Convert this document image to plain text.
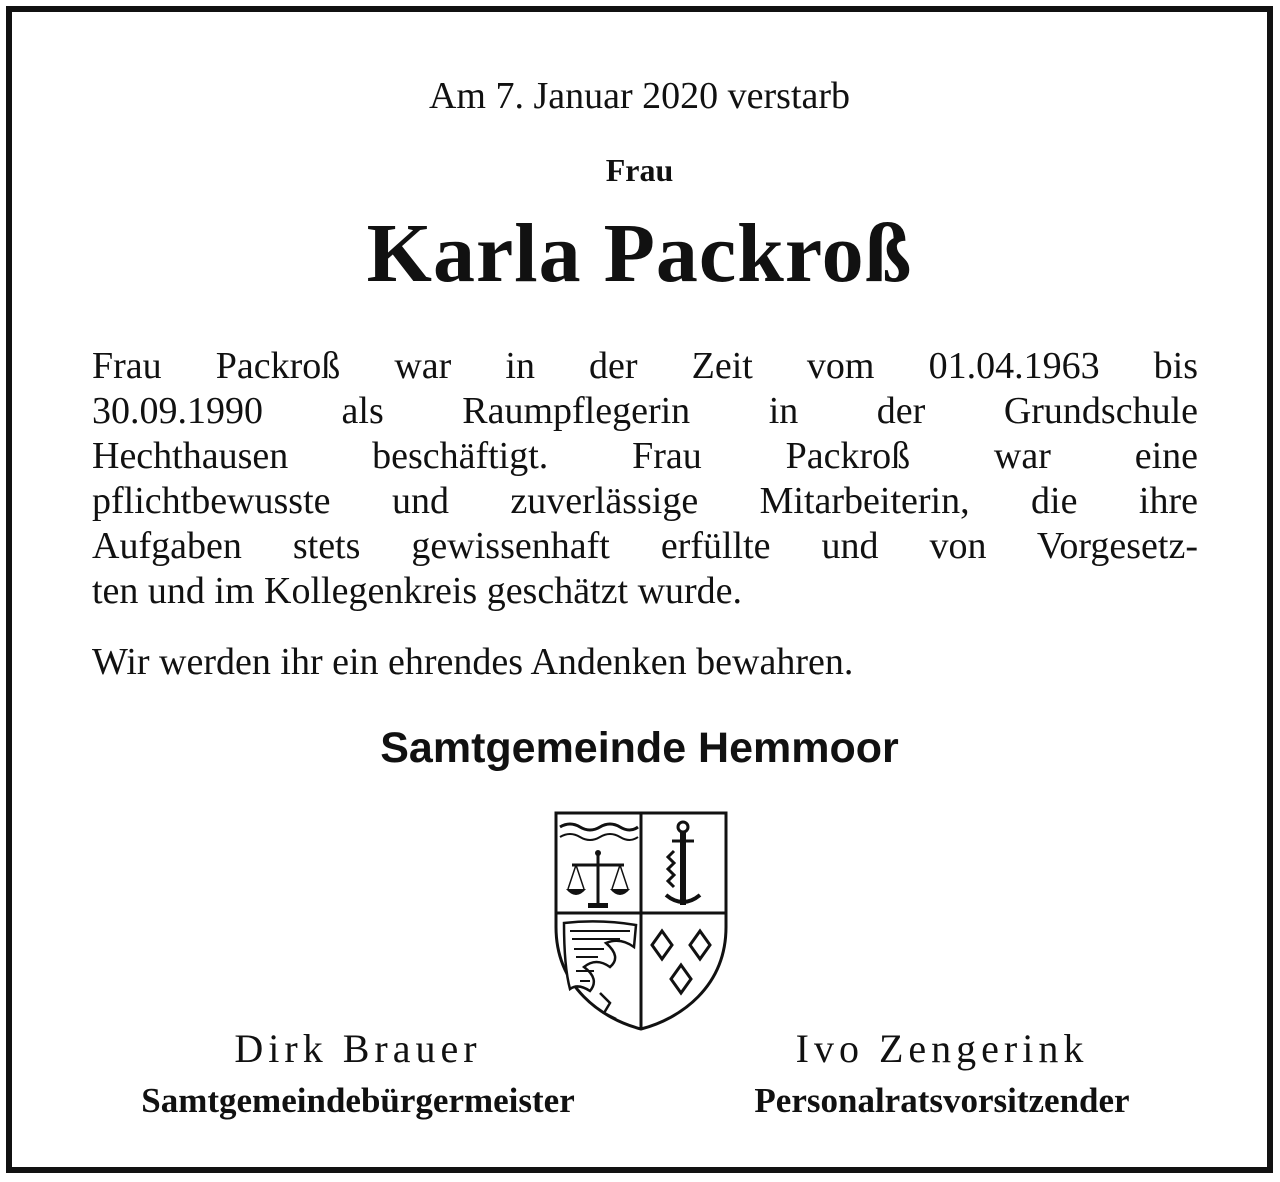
Am 7. Januar 2020 verstarb
Frau
Karla Packroß
Frau Packroß war in der Zeit vom 01.04.1963 bis
30.09.1990 als Raumpflegerin in der Grundschule
Hechthausen beschäftigt. Frau Packroß war eine
pflichtbewusste und zuverlässige Mitarbeiterin, die ihre
Aufgaben stets gewissenhaft erfüllte und von Vorgesetz-
ten und im Kollegenkreis geschätzt wurde.
Wir werden ihr ein ehrendes Andenken bewahren.
Samtgemeinde Hemmoor
Dirk Brauer
Samtgemeindebürgermeister
Ivo Zengerink
Personalratsvorsitzender
